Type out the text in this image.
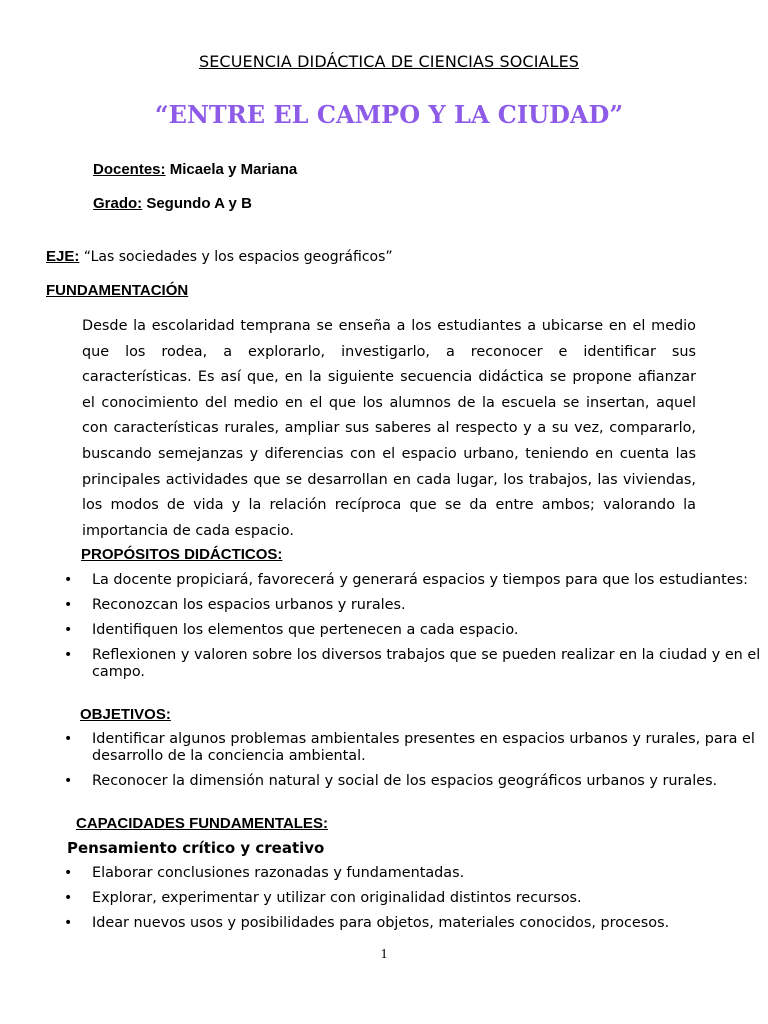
SECUENCIA DIDÁCTICA DE CIENCIAS SOCIALES
“ENTRE EL CAMPO Y LA CIUDAD”
Docentes: Micaela y Mariana
Grado: Segundo A y B
EJE: “Las sociedades y los espacios geográficos”
FUNDAMENTACIÓN
Desde la escolaridad temprana se enseña a los estudiantes a ubicarse en el medio que los rodea, a explorarlo, investigarlo, a reconocer e identificar sus características. Es así que, en la siguiente secuencia didáctica se propone afianzar el conocimiento del medio en el que los alumnos de la escuela se insertan, aquel con características rurales, ampliar sus saberes al respecto y a su vez, compararlo, buscando semejanzas y diferencias con el espacio urbano, teniendo en cuenta las principales actividades que se desarrollan en cada lugar, los trabajos, las viviendas, los modos de vida y la relación recíproca que se da entre ambos; valorando la importancia de cada espacio.
PROPÓSITOS DIDÁCTICOS:
• La docente propiciará, favorecerá y generará espacios y tiempos para que los estudiantes:
• Reconozcan los espacios urbanos y rurales.
• Identifiquen los elementos que pertenecen a cada espacio.
• Reflexionen y valoren sobre los diversos trabajos que se pueden realizar en la ciudad y en el campo.
OBJETIVOS:
• Identificar algunos problemas ambientales presentes en espacios urbanos y rurales, para el desarrollo de la conciencia ambiental.
• Reconocer la dimensión natural y social de los espacios geográficos urbanos y rurales.
CAPACIDADES FUNDAMENTALES:
Pensamiento crítico y creativo
• Elaborar conclusiones razonadas y fundamentadas.
• Explorar, experimentar y utilizar con originalidad distintos recursos.
• Idear nuevos usos y posibilidades para objetos, materiales conocidos, procesos.
1
